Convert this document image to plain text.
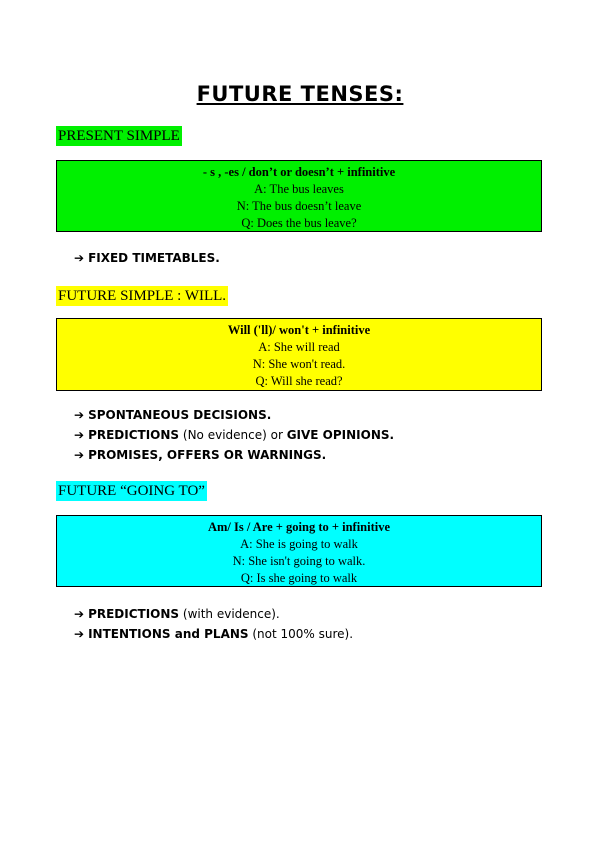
FUTURE TENSES:
PRESENT SIMPLE
- s , -es / don’t or doesn’t + infinitive
A: The bus leaves
N: The bus doesn’t leave
Q: Does the bus leave?
➔ FIXED TIMETABLES.
FUTURE SIMPLE : WILL.
Will ('ll)/ won't + infinitive
A: She will read
N: She won't read.
Q: Will she read?
➔ SPONTANEOUS DECISIONS.
➔ PREDICTIONS (No evidence) or GIVE OPINIONS.
➔ PROMISES, OFFERS OR WARNINGS.
FUTURE “GOING TO”
Am/ Is / Are + going to + infinitive
A: She is going to walk
N: She isn't going to walk.
Q: Is she going to walk
➔ PREDICTIONS (with evidence).
➔ INTENTIONS and PLANS (not 100% sure).
